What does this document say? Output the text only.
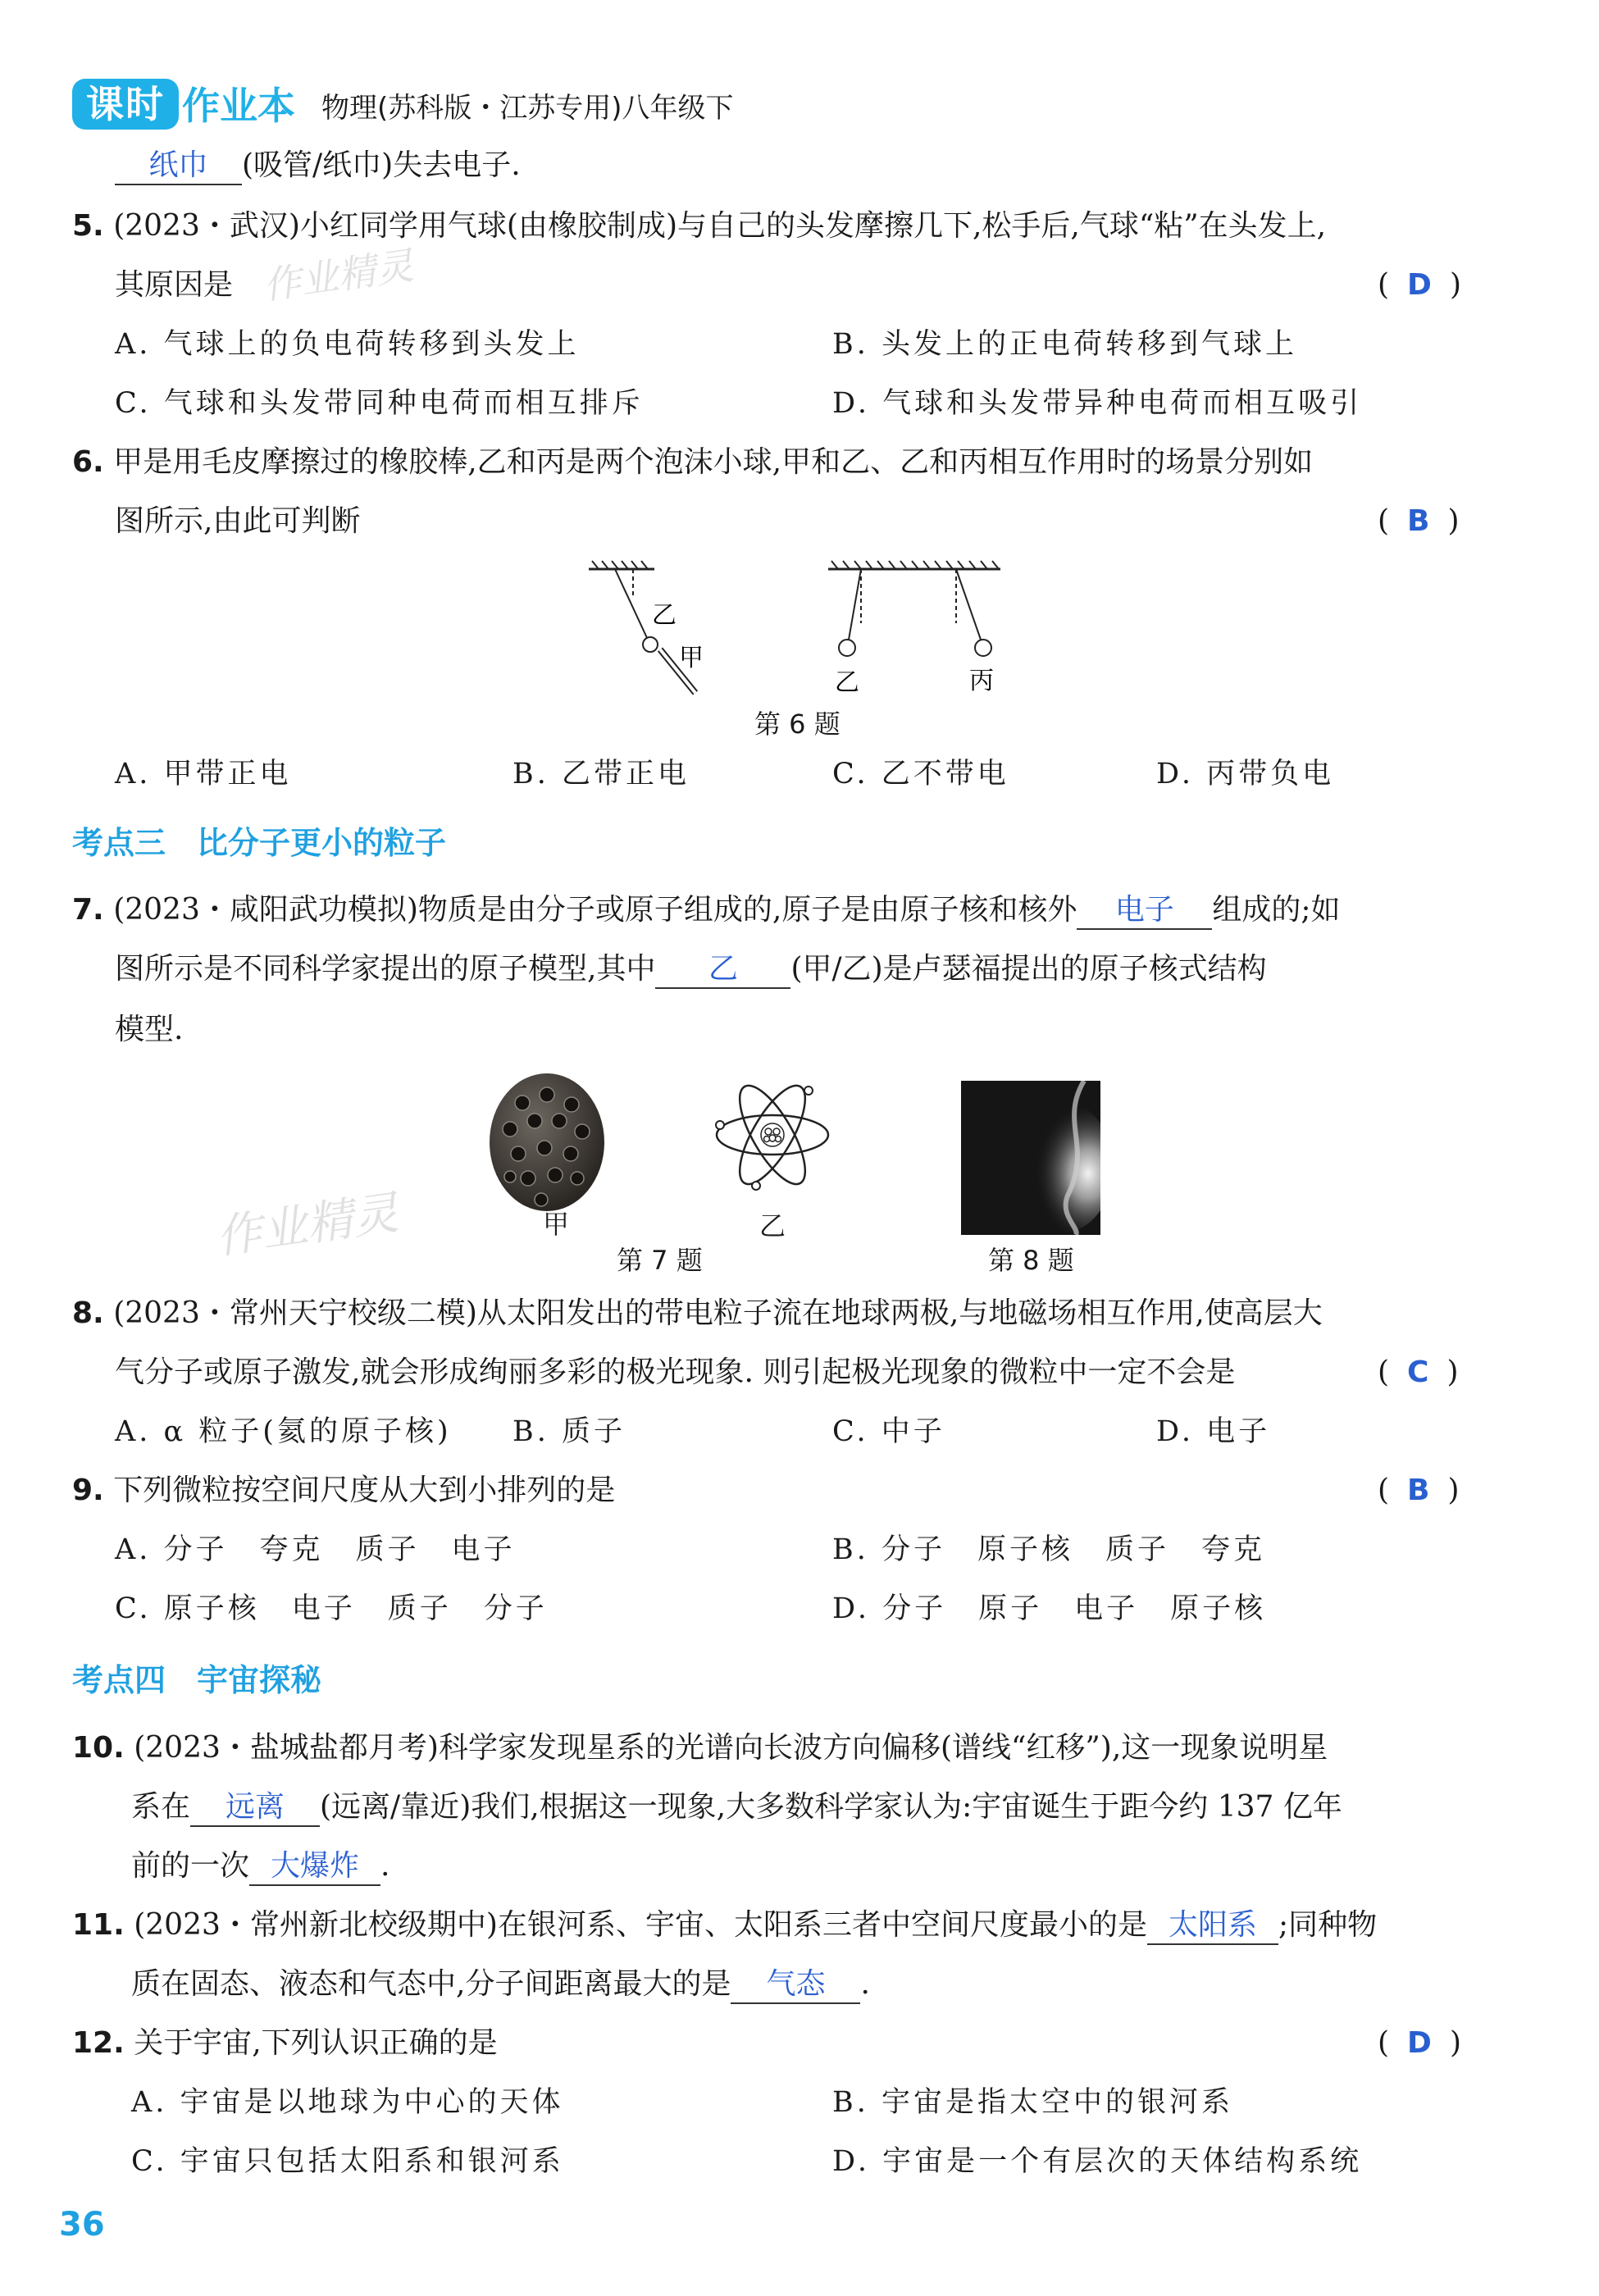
课时 作业本 物理(苏科版・江苏专用)八年级下
纸巾 (吸管/纸巾)失去电子.
5. (2023・武汉)小红同学用气球(由橡胶制成)与自己的头发摩擦几下,松手后,气球“粘”在头发上,
其原因是	( D )
A. 气球上的负电荷转移到头发上	B. 头发上的正电荷转移到气球上
C. 气球和头发带同种电荷而相互排斥	D. 气球和头发带异种电荷而相互吸引
6. 甲是用毛皮摩擦过的橡胶棒,乙和丙是两个泡沫小球,甲和乙、乙和丙相互作用时的场景分别如
图所示,由此可判断	( B )
乙
甲
乙	丙
第 6 题
A. 甲带正电	B. 乙带正电	C. 乙不带电	D. 丙带负电
考点三　比分子更小的粒子
7. (2023・咸阳武功模拟)物质是由分子或原子组成的,原子是由原子核和核外 电子 组成的;如
图所示是不同科学家提出的原子模型,其中 乙 (甲/乙)是卢瑟福提出的原子核式结构
模型.
甲	乙
第 7 题	第 8 题
8. (2023・常州天宁校级二模)从太阳发出的带电粒子流在地球两极,与地磁场相互作用,使高层大
气分子或原子激发,就会形成绚丽多彩的极光现象. 则引起极光现象的微粒中一定不会是	( C )
A. α 粒子(氦的原子核) B. 质子	C. 中子	D. 电子
9. 下列微粒按空间尺度从大到小排列的是	( B )
A. 分子　夸克　质子　电子	B. 分子　原子核　质子　夸克
C. 原子核　电子　质子　分子	D. 分子　原子　电子　原子核
考点四　宇宙探秘
10. (2023・盐城盐都月考)科学家发现星系的光谱向长波方向偏移(谱线“红移”),这一现象说明星
系在 远离 (远离/靠近)我们,根据这一现象,大多数科学家认为:宇宙诞生于距今约 137 亿年
前的一次 大爆炸 .
11. (2023・常州新北校级期中)在银河系、宇宙、太阳系三者中空间尺度最小的是 太阳系 ;同种物
质在固态、液态和气态中,分子间距离最大的是 气态 .
12. 关于宇宙,下列认识正确的是	( D )
A. 宇宙是以地球为中心的天体	B. 宇宙是指太空中的银河系
C. 宇宙只包括太阳系和银河系	D. 宇宙是一个有层次的天体结构系统
作业精灵
作业精灵
36
